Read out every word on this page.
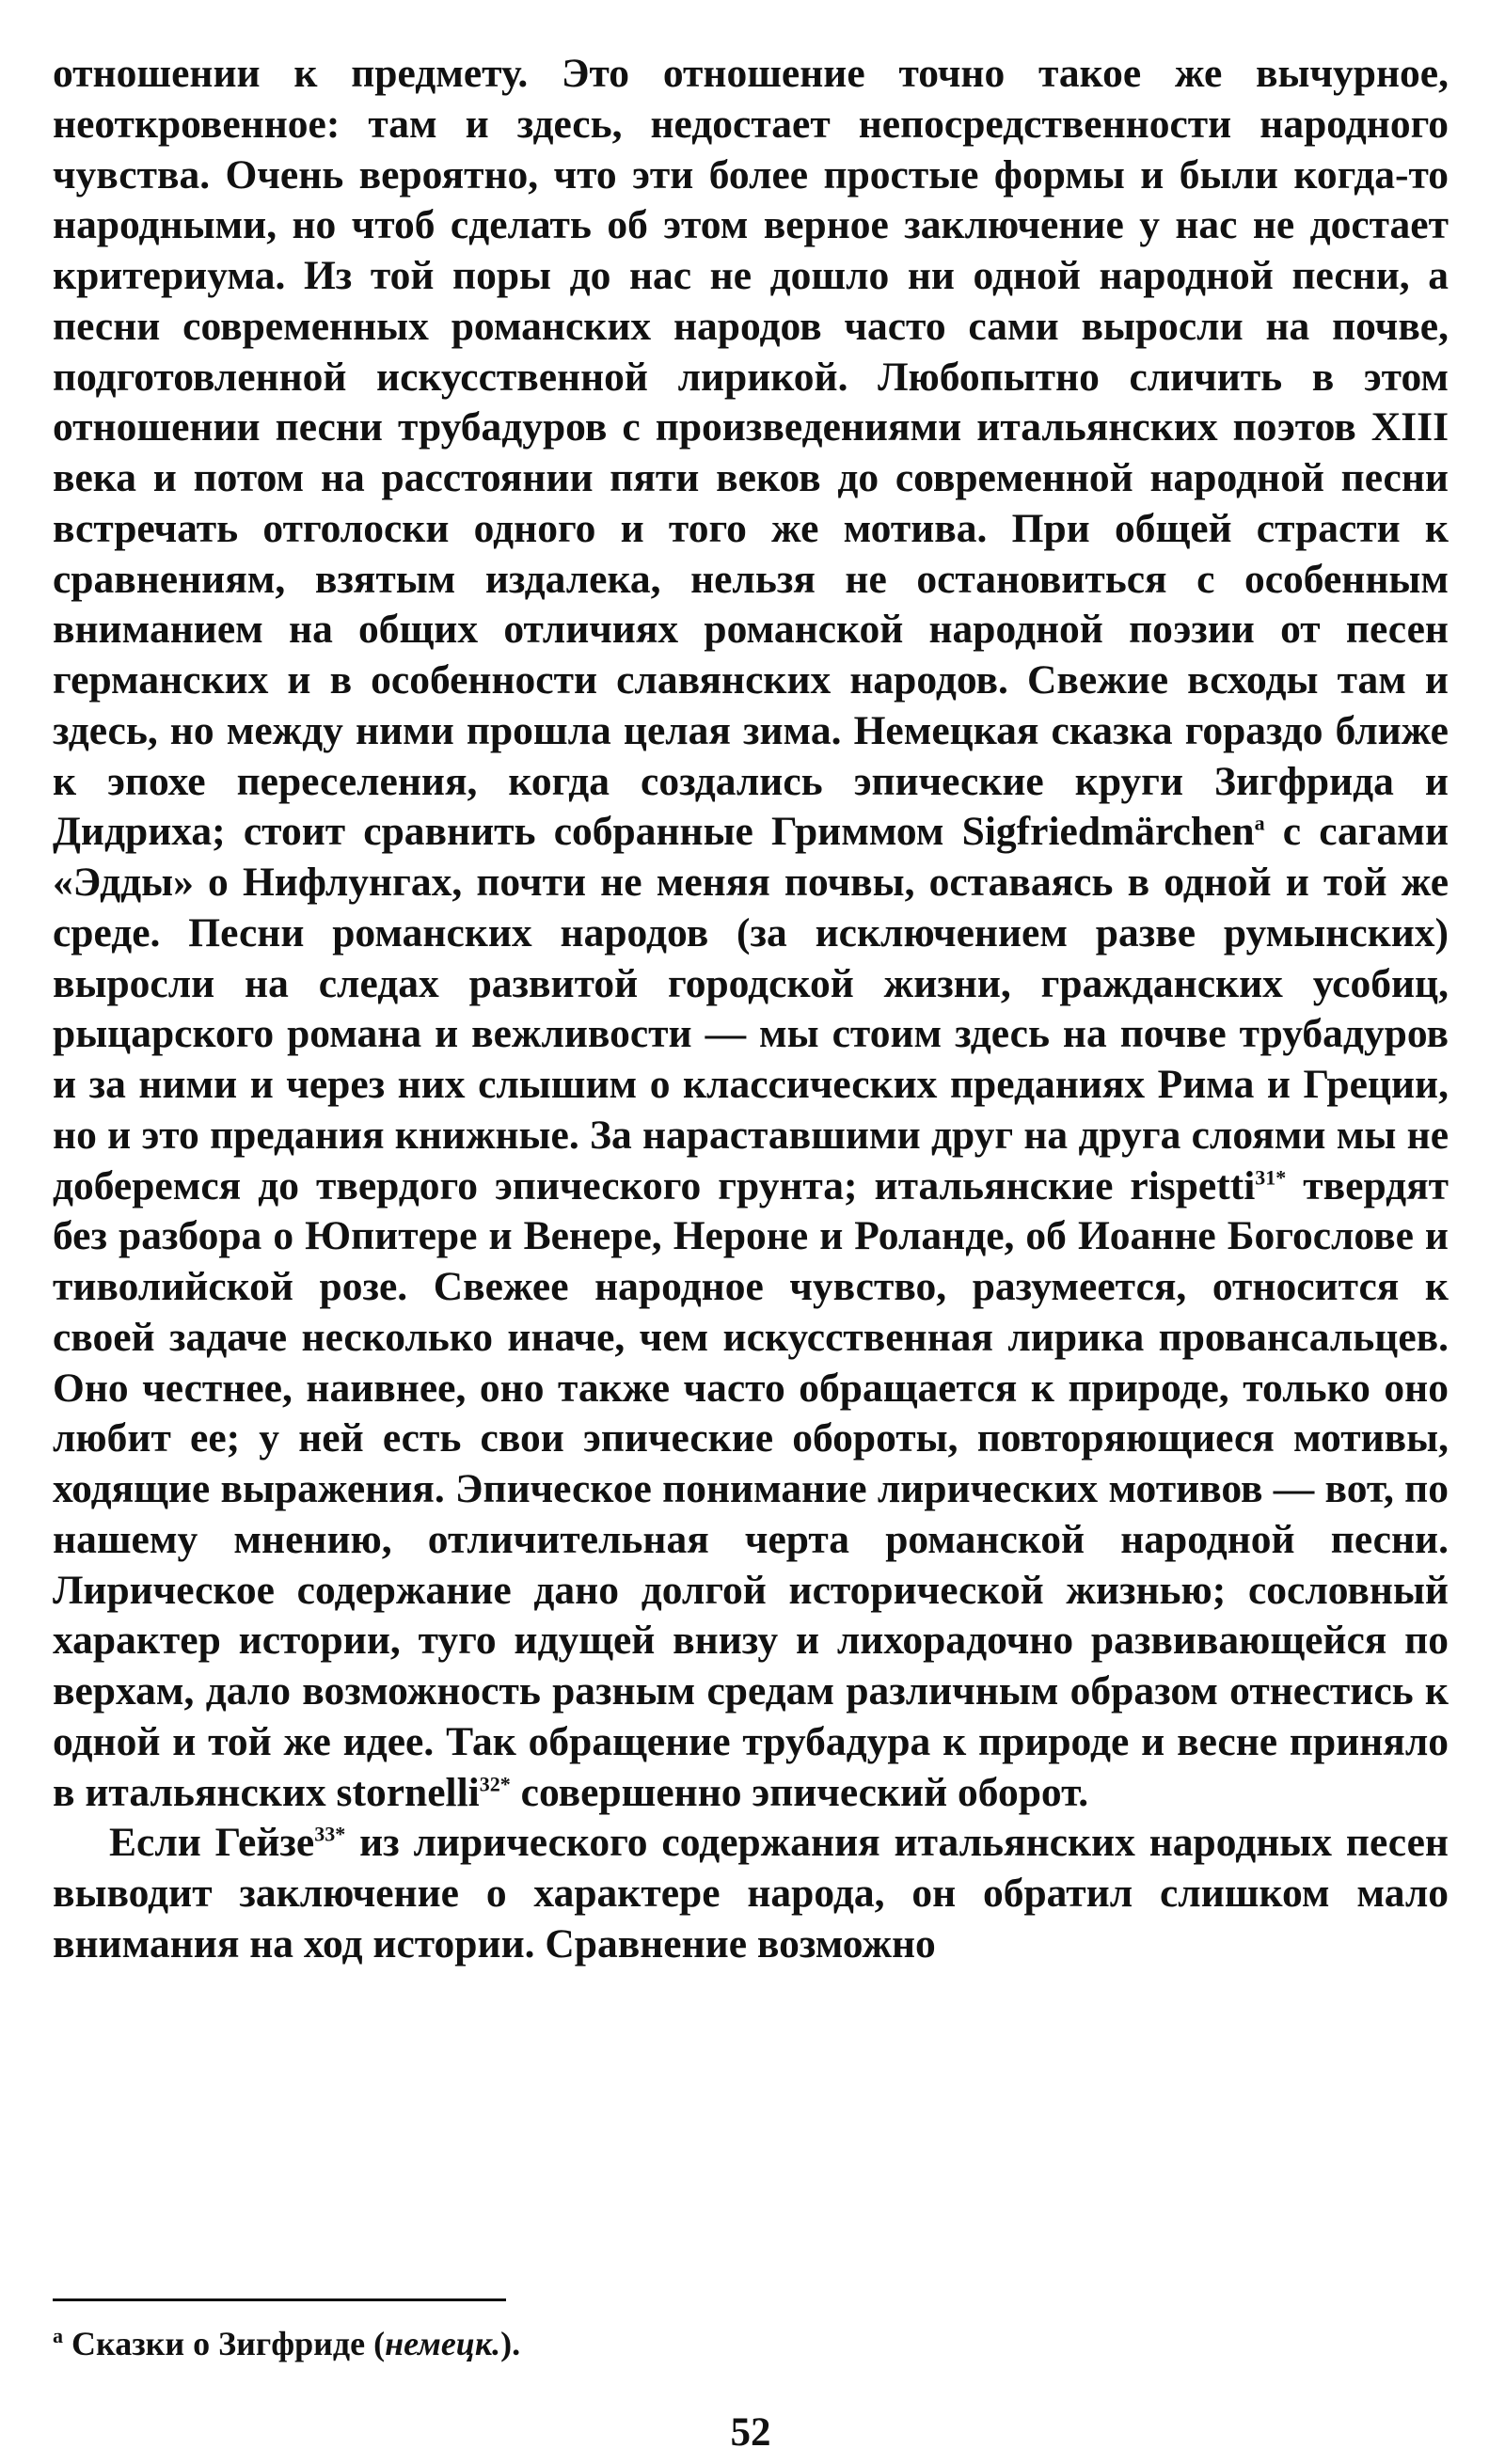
отношении к предмету. Это отношение точно такое же вычурное, неоткровенное: там и здесь, недостает непосредственности народного чувства. Очень вероятно, что эти более простые формы и были когда-то народными, но чтоб сделать об этом верное заключение у нас не достает критериума. Из той поры до нас не дошло ни одной народной песни, а песни современных романских народов часто сами выросли на почве, подготовленной искусственной лирикой. Любопытно сличить в этом отношении песни трубадуров с произведениями итальянских поэтов XIII века и потом на расстоянии пяти веков до современной народной песни встречать отголоски одного и того же мотива. При общей страсти к сравнениям, взятым издалека, нельзя не остановиться с особенным вниманием на общих отличиях романской народной поэзии от песен германских и в особенности славянских народов. Свежие всходы там и здесь, но между ними прошла целая зима. Немецкая сказка гораздо ближе к эпохе переселения, когда создались эпические круги Зигфрида и Дидриха; стоит сравнить собранные Гриммом Sigfriedmärchen$^a$ с сагами «Эдды» о Нифлунгах, почти не меняя почвы, оставаясь в одной и той же среде. Песни романских народов (за исключением разве румынских) выросли на следах развитой городской жизни, гражданских усобиц, рыцарского романа и вежливости — мы стоим здесь на почве трубадуров и за ними и через них слышим о классических преданиях Рима и Греции, но и это предания книжные. За нараставшими друг на друга слоями мы не доберемся до твердого эпического грунта; итальянские rispetti$^{31*}$ твердят без разбора о Юпитере и Венере, Нероне и Роланде, об Иоанне Богослове и тиволийской розе. Свежее народное чувство, разумеется, относится к своей задаче несколько иначе, чем искусственная лирика провансальцев. Оно честнее, наивнее, оно также часто обращается к природе, только оно любит ее; у ней есть свои эпические обороты, повторяющиеся мотивы, ходящие выражения. Эпическое понимание лирических мотивов — вот, по нашему мнению, отличительная черта романской народной песни. Лирическое содержание дано долгой исторической жизнью; сословный характер истории, туго идущей внизу и лихорадочно развивающейся по верхам, дало возможность разным средам различным образом отнестись к одной и той же идее. Так обращение трубадура к природе и весне приняло в итальянских stornelli$^{32*}$ совершенно эпический оборот.

Если Гейзе$^{33*}$ из лирического содержания итальянских народных песен выводит заключение о характере народа, он обратил слишком мало внимания на ход истории. Сравнение возможно

$^a$ Сказки о Зигфриде (немецк.).

52
